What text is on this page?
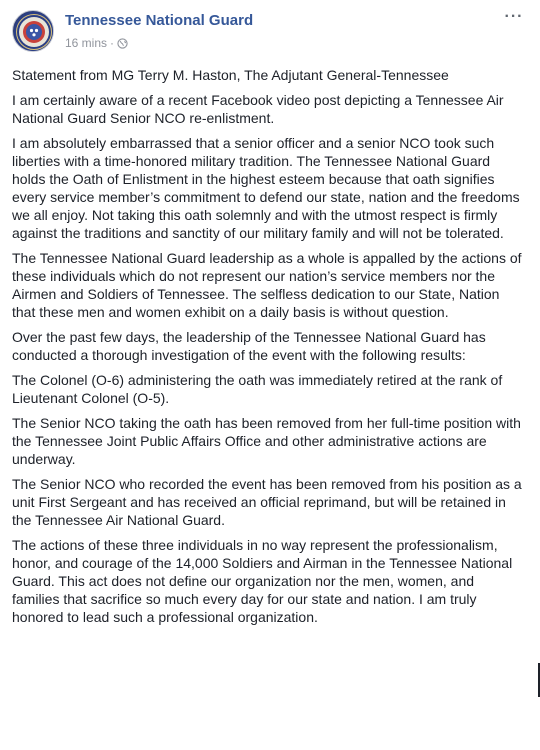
Tennessee National Guard
16 mins ·
···

Statement from MG Terry M. Haston, The Adjutant General-Tennessee

I am certainly aware of a recent Facebook video post depicting a Tennessee Air National Guard Senior NCO re-enlistment.

I am absolutely embarrassed that a senior officer and a senior NCO took such liberties with a time-honored military tradition. The Tennessee National Guard holds the Oath of Enlistment in the highest esteem because that oath signifies every service member’s commitment to defend our state, nation and the freedoms we all enjoy. Not taking this oath solemnly and with the utmost respect is firmly against the traditions and sanctity of our military family and will not be tolerated.

The Tennessee National Guard leadership as a whole is appalled by the actions of these individuals which do not represent our nation’s service members nor the Airmen and Soldiers of Tennessee. The selfless dedication to our State, Nation that these men and women exhibit on a daily basis is without question.

Over the past few days, the leadership of the Tennessee National Guard has conducted a thorough investigation of the event with the following results:

The Colonel (O-6) administering the oath was immediately retired at the rank of Lieutenant Colonel (O-5).

The Senior NCO taking the oath has been removed from her full-time position with the Tennessee Joint Public Affairs Office and other administrative actions are underway.

The Senior NCO who recorded the event has been removed from his position as a unit First Sergeant and has received an official reprimand, but will be retained in the Tennessee Air National Guard.

The actions of these three individuals in no way represent the professionalism, honor, and courage of the 14,000 Soldiers and Airman in the Tennessee National Guard. This act does not define our organization nor the men, women, and families that sacrifice so much every day for our state and nation. I am truly honored to lead such a professional organization.
